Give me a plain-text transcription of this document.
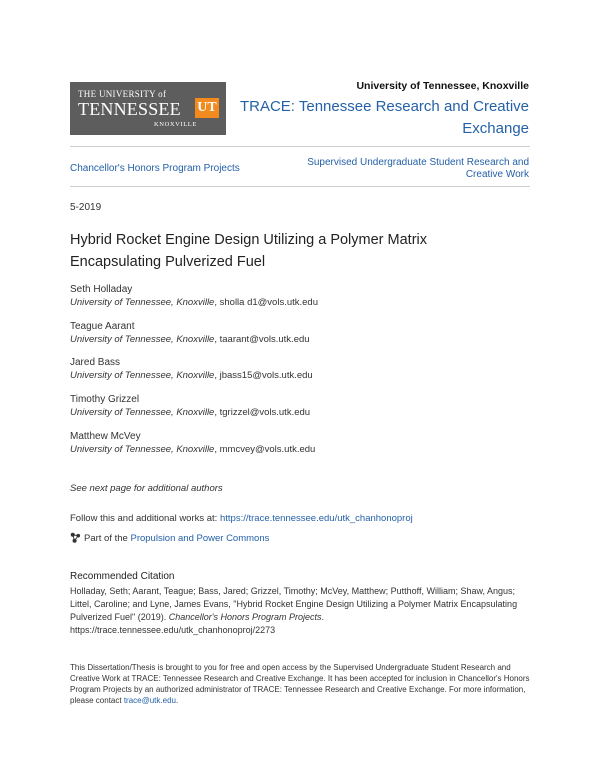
THE UNIVERSITY of
TENNESSEE UT
KNOXVILLE
University of Tennessee, Knoxville
TRACE: Tennessee Research and Creative Exchange
Chancellor's Honors Program Projects
Supervised Undergraduate Student Research and Creative Work
5-2019
Hybrid Rocket Engine Design Utilizing a Polymer Matrix Encapsulating Pulverized Fuel
Seth Holladay
University of Tennessee, Knoxville, sholla d1@vols.utk.edu
Teague Aarant
University of Tennessee, Knoxville, taarant@vols.utk.edu
Jared Bass
University of Tennessee, Knoxville, jbass15@vols.utk.edu
Timothy Grizzel
University of Tennessee, Knoxville, tgrizzel@vols.utk.edu
Matthew McVey
University of Tennessee, Knoxville, mmcvey@vols.utk.edu
See next page for additional authors
Follow this and additional works at: https://trace.tennessee.edu/utk_chanhonoproj
Part of the Propulsion and Power Commons
Recommended Citation
Holladay, Seth; Aarant, Teague; Bass, Jared; Grizzel, Timothy; McVey, Matthew; Putthoff, William; Shaw, Angus; Littel, Caroline; and Lyne, James Evans, "Hybrid Rocket Engine Design Utilizing a Polymer Matrix Encapsulating Pulverized Fuel" (2019). Chancellor's Honors Program Projects.
https://trace.tennessee.edu/utk_chanhonoproj/2273
This Dissertation/Thesis is brought to you for free and open access by the Supervised Undergraduate Student Research and Creative Work at TRACE: Tennessee Research and Creative Exchange. It has been accepted for inclusion in Chancellor's Honors Program Projects by an authorized administrator of TRACE: Tennessee Research and Creative Exchange. For more information, please contact trace@utk.edu.
